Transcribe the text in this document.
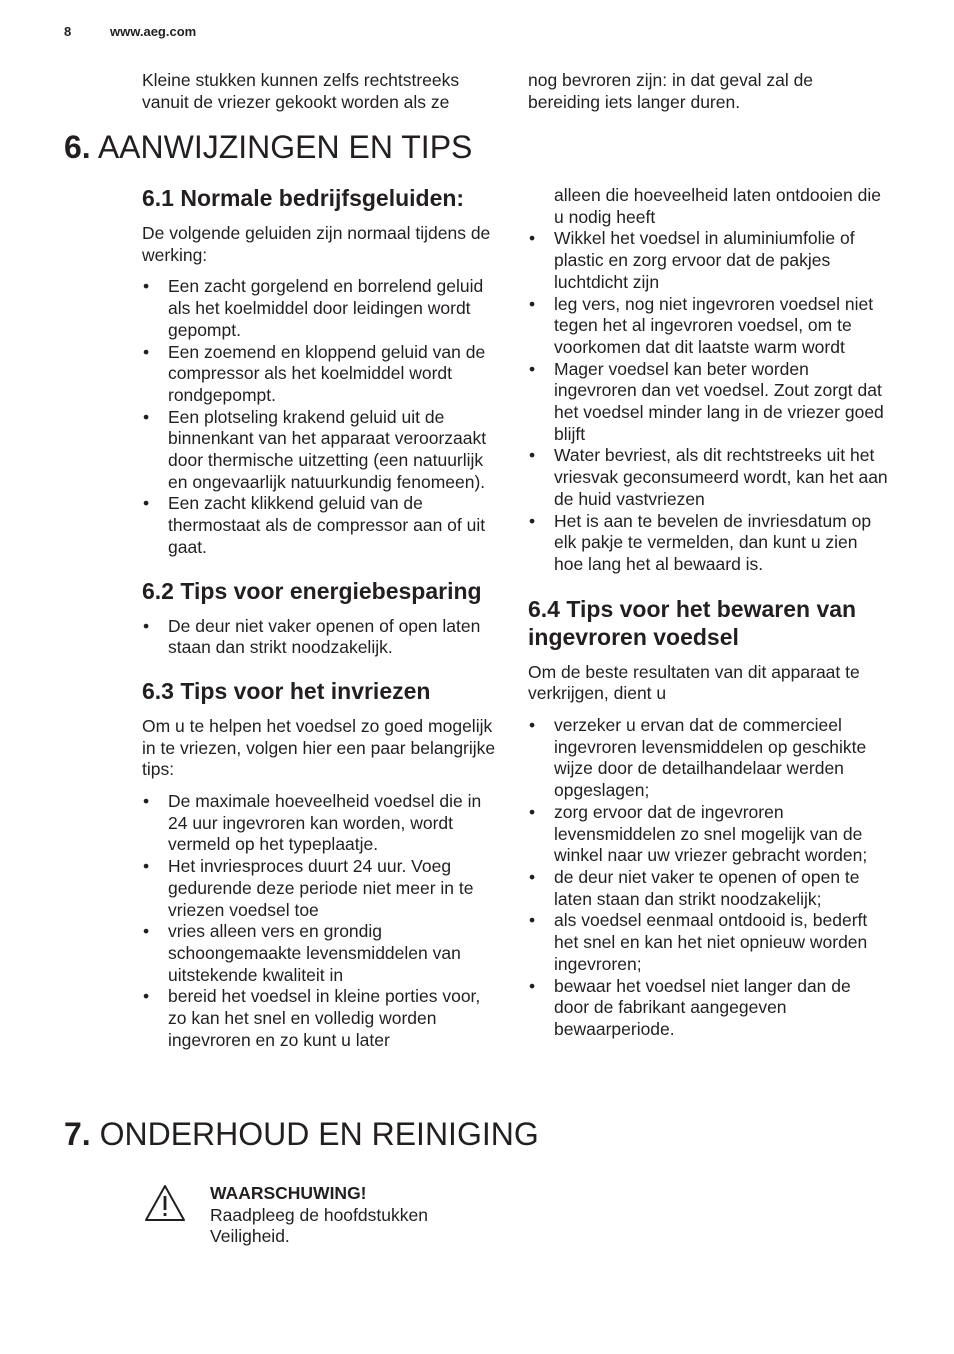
8	www.aeg.com

Kleine stukken kunnen zelfs rechtstreeks vanuit de vriezer gekookt worden als ze

nog bevroren zijn: in dat geval zal de bereiding iets langer duren.

6. AANWIJZINGEN EN TIPS
6.1 Normale bedrijfsgeluiden:

De volgende geluiden zijn normaal tijdens de werking:

• Een zacht gorgelend en borrelend geluid als het koelmiddel door leidingen wordt gepompt.
• Een zoemend en kloppend geluid van de compressor als het koelmiddel wordt rondgepompt.
• Een plotseling krakend geluid uit de binnenkant van het apparaat veroorzaakt door thermische uitzetting (een natuurlijk en ongevaarlijk natuurkundig fenomeen).
• Een zacht klikkend geluid van de thermostaat als de compressor aan of uit gaat.
6.2 Tips voor energiebesparing
• De deur niet vaker openen of open laten staan dan strikt noodzakelijk.
6.3 Tips voor het invriezen

Om u te helpen het voedsel zo goed mogelijk in te vriezen, volgen hier een paar belangrijke tips:

• De maximale hoeveelheid voedsel die in 24 uur ingevroren kan worden, wordt vermeld op het typeplaatje.
• Het invriesproces duurt 24 uur. Voeg gedurende deze periode niet meer in te vriezen voedsel toe
• vries alleen vers en grondig schoongemaakte levensmiddelen van uitstekende kwaliteit in
• bereid het voedsel in kleine porties voor, zo kan het snel en volledig worden ingevroren en zo kunt u later
alleen die hoeveelheid laten ontdooien die u nodig heeft
• Wikkel het voedsel in aluminiumfolie of plastic en zorg ervoor dat de pakjes luchtdicht zijn
• leg vers, nog niet ingevroren voedsel niet tegen het al ingevroren voedsel, om te voorkomen dat dit laatste warm wordt
• Mager voedsel kan beter worden ingevroren dan vet voedsel. Zout zorgt dat het voedsel minder lang in de vriezer goed blijft
• Water bevriest, als dit rechtstreeks uit het vriesvak geconsumeerd wordt, kan het aan de huid vastvriezen
• Het is aan te bevelen de invriesdatum op elk pakje te vermelden, dan kunt u zien hoe lang het al bewaard is.
6.4 Tips voor het bewaren van ingevroren voedsel

Om de beste resultaten van dit apparaat te verkrijgen, dient u

• verzeker u ervan dat de commercieel ingevroren levensmiddelen op geschikte wijze door de detailhandelaar werden opgeslagen;
• zorg ervoor dat de ingevroren levensmiddelen zo snel mogelijk van de winkel naar uw vriezer gebracht worden;
• de deur niet vaker te openen of open te laten staan dan strikt noodzakelijk;
• als voedsel eenmaal ontdooid is, bederft het snel en kan het niet opnieuw worden ingevroren;
• bewaar het voedsel niet langer dan de door de fabrikant aangegeven bewaarperiode.
7. ONDERHOUD EN REINIGING
WAARSCHUWING!
Raadpleeg de hoofdstukken Veiligheid.
